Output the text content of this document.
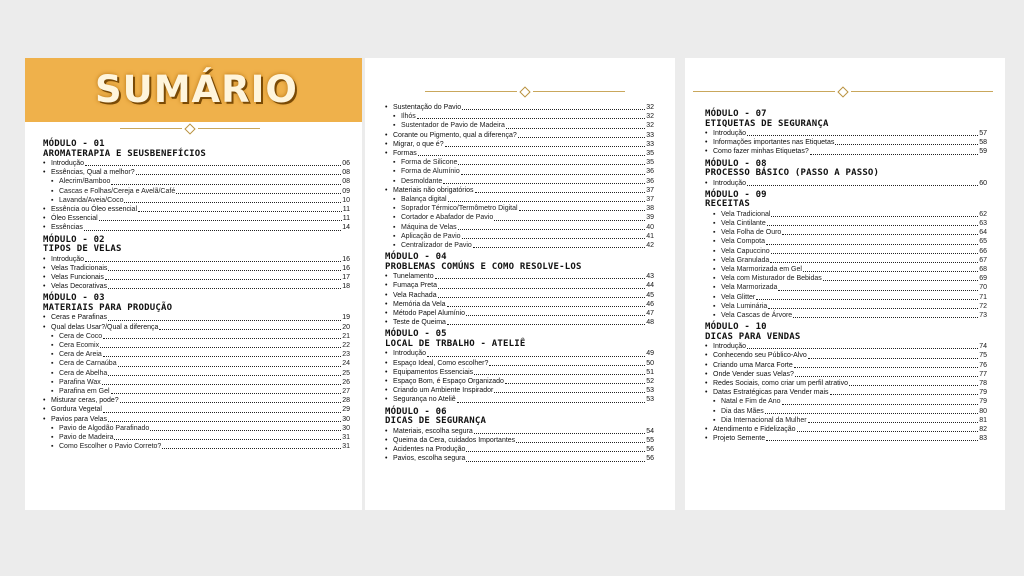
SUMÁRIO
MÓDULO - 01
AROMATERAPIA E SEUSBENEFÍCIOS
• Introdução	06
• Essências, Qual a melhor?	08
▪ Alecrim/Bamboo	08
▪ Cascas e Folhas/Cereja e Avelã/Café	09
▪ Lavanda/Aveia/Coco	10
• Essência ou Óleo essencial	11
• Óleo Essencial	11
• Essências	14
MÓDULO - 02
TIPOS DE VELAS
• Introdução	16
• Velas Tradicionais	16
• Velas Funcionais	17
• Velas Decorativas	18
MÓDULO - 03
MATERIAIS PARA PRODUÇÃO
• Ceras e Parafinas	19
• Qual delas Usar?/Qual a diferença	20
▪ Cera de Coco	21
▪ Cera Ecomix	22
▪ Cera de Areia	23
▪ Cera de Carnaúba	24
▪ Cera de Abelha	25
▪ Parafina Wax	26
▪ Parafina em Gel	27
• Misturar ceras, pode?	28
• Gordura Vegetal	29
• Pavios para Velas	30
▪ Pavio de Algodão Parafinado	30
▪ Pavio de Madeira	31
▪ Como Escolher o Pavio Correto?	31
• Sustentação do Pavio	32
▪ Ilhós	32
▪ Sustentador de Pavio de Madeira	32
• Corante ou Pigmento, qual a diferença?	33
• Migrar, o que é?	33
• Formas	35
▪ Forma de Silicone	35
▪ Forma de Alumínio	36
▪ Desmoldante	36
• Materiais não obrigatórios	37
▪ Balança digital	37
▪ Soprador Térmico/Termômetro Digital	38
▪ Cortador e Abafador de Pavio	39
▪ Máquina de Velas	40
▪ Aplicação de Pavio	41
▪ Centralizador de Pavio	42
MÓDULO - 04
PROBLEMAS COMÚNS E COMO RESOLVE-LOS
• Tunelamento	43
• Fumaça Preta	44
• Vela Rachada	45
• Memória da Vela	46
• Método Papel Alumínio	47
• Teste de Queima	48
MÓDULO - 05
LOCAL DE TRBALHO - ATELIÊ
• Introdução	49
• Espaço Ideal, Como escolher?	50
• Equipamentos Essenciais	51
• Espaço Bom, é Espaço Organizado	52
• Criando um Ambiente Inspirador	53
• Segurança no Ateliê	53
MÓDULO - 06
DICAS DE SEGURANÇA
• Materiais, escolha segura	54
• Queima da Cera, cuidados Importantes	55
• Acidentes na Produção	56
• Pavios, escolha segura	56
MÓDULO - 07
ETIQUETAS DE SEGURANÇA
• Introdução	57
• Informações importantes nas Etiquetas	58
• Como fazer minhas Etiquetas?	59
MÓDULO - 08
PROCESSO BÁSICO (PASSO A PASSO)
• Introdução	60
MÓDULO - 09
RECEITAS
▪ Vela Tradicional	62
▪ Vela Cintilante	63
▪ Vela Folha de Ouro	64
▪ Vela Compota	65
▪ Vela Capuccino	66
▪ Vela Granulada	67
▪ Vela Marmorizada em Gel	68
▪ Vela com Misturador de Bebidas	69
▪ Vela Marmorizada	70
▪ Vela Glitter	71
▪ Vela Luminária	72
▪ Vela Cascas de Árvore	73
MÓDULO - 10
DICAS PARA VENDAS
• Introdução	74
• Conhecendo seu Público-Alvo	75
• Criando uma Marca Forte	76
• Onde Vender suas Velas?	77
• Redes Sociais, como criar um perfil atrativo	78
• Datas Estratégicas para Vender mais	79
▪ Natal e Fim de Ano	79
▪ Dia das Mães	80
▪ Dia Internacional da Mulher	81
• Atendimento e Fidelização	82
• Projeto Semente	83
